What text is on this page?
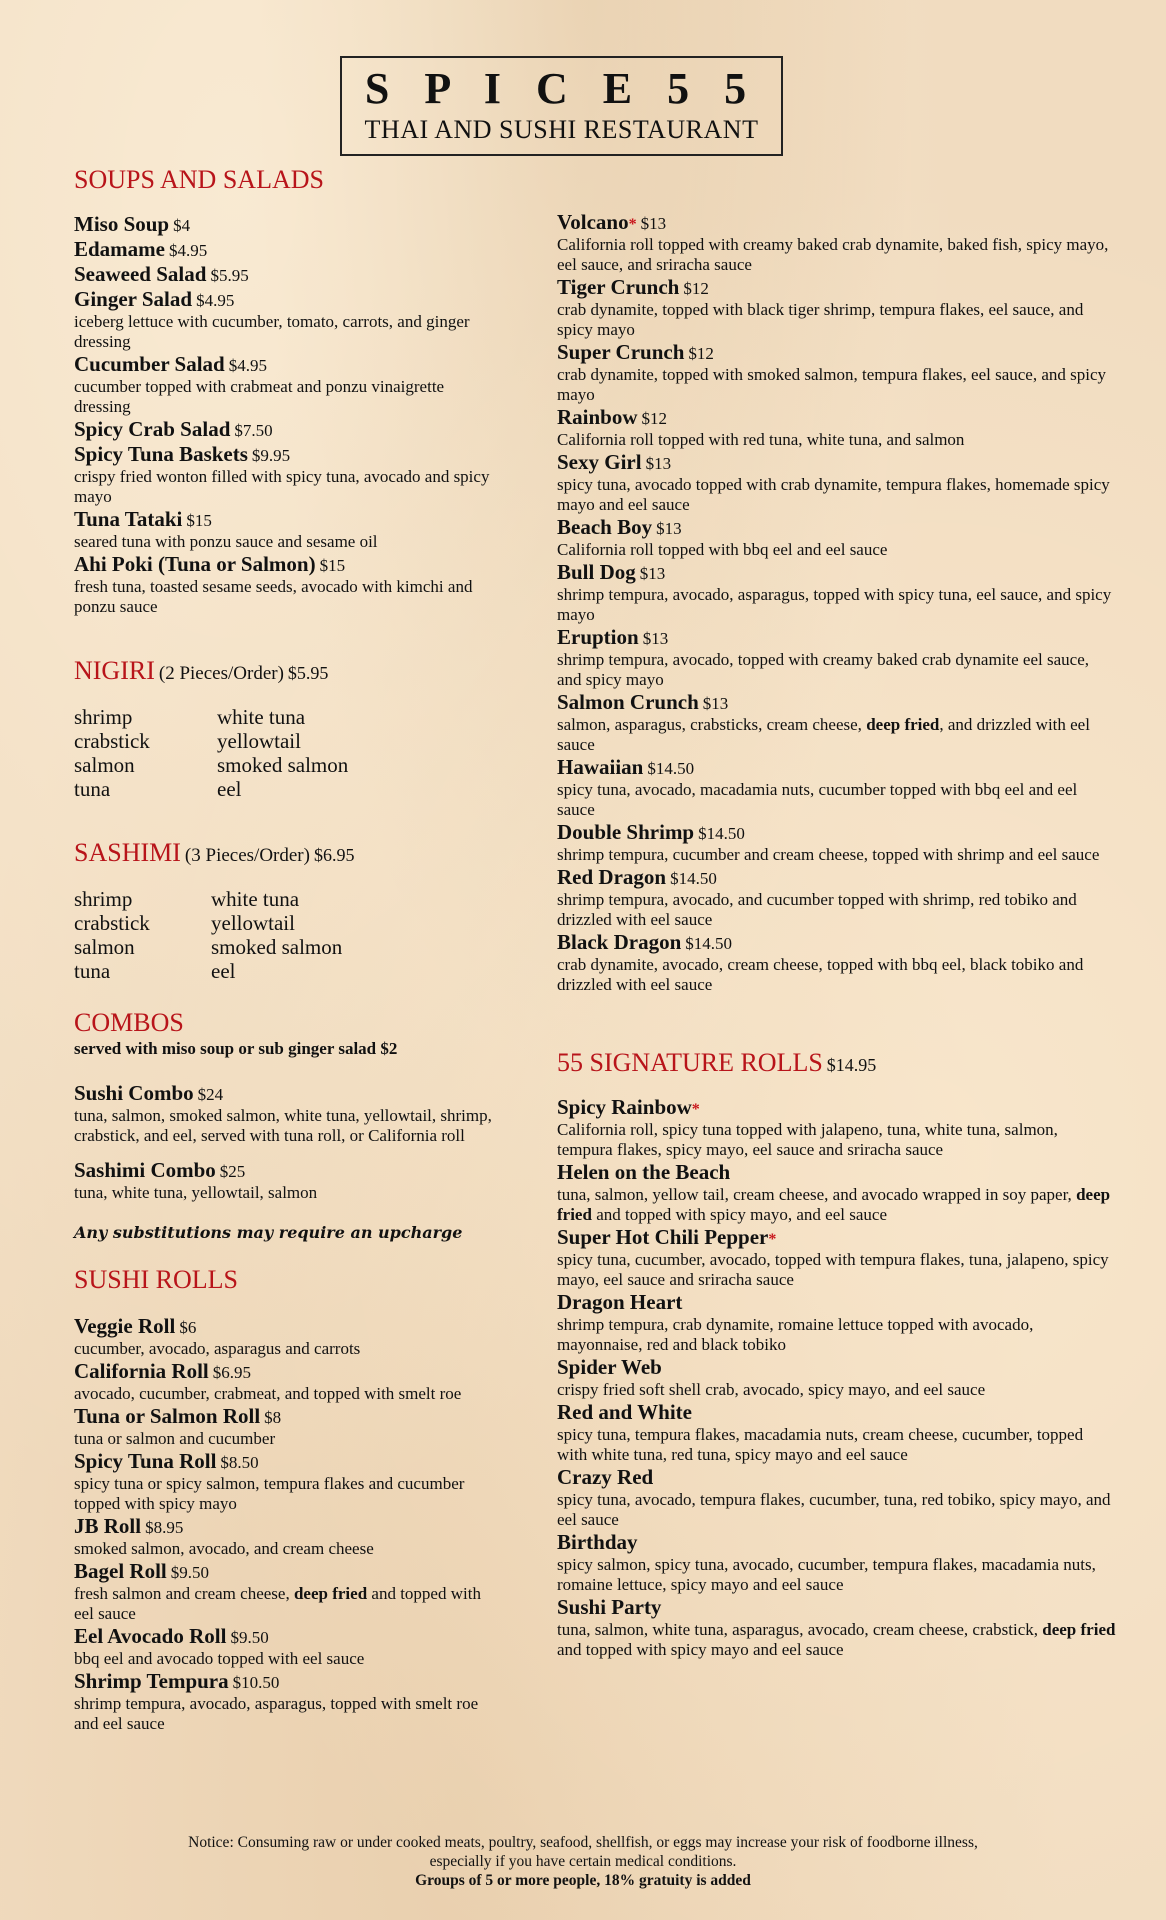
S P I C E 5 5
THAI AND SUSHI RESTAURANT
SOUPS AND SALADS
Miso Soup $4
Edamame $4.95
Seaweed Salad $5.95
Ginger Salad $4.95
iceberg lettuce with cucumber, tomato, carrots, and ginger dressing
Cucumber Salad $4.95
cucumber topped with crabmeat and ponzu vinaigrette dressing
Spicy Crab Salad $7.50
Spicy Tuna Baskets $9.95
crispy fried wonton filled with spicy tuna, avocado and spicy mayo
Tuna Tataki $15
seared tuna with ponzu sauce and sesame oil
Ahi Poki (Tuna or Salmon) $15
fresh tuna, toasted sesame seeds, avocado with kimchi and ponzu sauce
NIGIRI (2 Pieces/Order) $5.95
shrimp	white tuna
crabstick	yellowtail
salmon	smoked salmon
tuna	eel
SASHIMI (3 Pieces/Order) $6.95
shrimp	white tuna
crabstick	yellowtail
salmon	smoked salmon
tuna	eel
COMBOS
served with miso soup or sub ginger salad $2
Sushi Combo $24
tuna, salmon, smoked salmon, white tuna, yellowtail, shrimp, crabstick, and eel, served with tuna roll, or California roll
Sashimi Combo $25
tuna, white tuna, yellowtail, salmon
Any substitutions may require an upcharge
SUSHI ROLLS
Veggie Roll $6
cucumber, avocado, asparagus and carrots
California Roll $6.95
avocado, cucumber, crabmeat, and topped with smelt roe
Tuna or Salmon Roll $8
tuna or salmon and cucumber
Spicy Tuna Roll $8.50
spicy tuna or spicy salmon, tempura flakes and cucumber topped with spicy mayo
JB Roll $8.95
smoked salmon, avocado, and cream cheese
Bagel Roll $9.50
fresh salmon and cream cheese, deep fried and topped with eel sauce
Eel Avocado Roll $9.50
bbq eel and avocado topped with eel sauce
Shrimp Tempura $10.50
shrimp tempura, avocado, asparagus, topped with smelt roe and eel sauce
Volcano* $13
California roll topped with creamy baked crab dynamite, baked fish, spicy mayo, eel sauce, and sriracha sauce
Tiger Crunch $12
crab dynamite, topped with black tiger shrimp, tempura flakes, eel sauce, and spicy mayo
Super Crunch $12
crab dynamite, topped with smoked salmon, tempura flakes, eel sauce, and spicy mayo
Rainbow $12
California roll topped with red tuna, white tuna, and salmon
Sexy Girl $13
spicy tuna, avocado topped with crab dynamite, tempura flakes, homemade spicy mayo and eel sauce
Beach Boy $13
California roll topped with bbq eel and eel sauce
Bull Dog $13
shrimp tempura, avocado, asparagus, topped with spicy tuna, eel sauce, and spicy mayo
Eruption $13
shrimp tempura, avocado, topped with creamy baked crab dynamite eel sauce, and spicy mayo
Salmon Crunch $13
salmon, asparagus, crabsticks, cream cheese, deep fried, and drizzled with eel sauce
Hawaiian $14.50
spicy tuna, avocado, macadamia nuts, cucumber topped with bbq eel and eel sauce
Double Shrimp $14.50
shrimp tempura, cucumber and cream cheese, topped with shrimp and eel sauce
Red Dragon $14.50
shrimp tempura, avocado, and cucumber topped with shrimp, red tobiko and drizzled with eel sauce
Black Dragon $14.50
crab dynamite, avocado, cream cheese, topped with bbq eel, black tobiko and drizzled with eel sauce
55 SIGNATURE ROLLS $14.95
Spicy Rainbow*
California roll, spicy tuna topped with jalapeno, tuna, white tuna, salmon, tempura flakes, spicy mayo, eel sauce and sriracha sauce
Helen on the Beach
tuna, salmon, yellow tail, cream cheese, and avocado wrapped in soy paper, deep fried and topped with spicy mayo, and eel sauce
Super Hot Chili Pepper*
spicy tuna, cucumber, avocado, topped with tempura flakes, tuna, jalapeno, spicy mayo, eel sauce and sriracha sauce
Dragon Heart
shrimp tempura, crab dynamite, romaine lettuce topped with avocado, mayonnaise, red and black tobiko
Spider Web
crispy fried soft shell crab, avocado, spicy mayo, and eel sauce
Red and White
spicy tuna, tempura flakes, macadamia nuts, cream cheese, cucumber, topped with white tuna, red tuna, spicy mayo and eel sauce
Crazy Red
spicy tuna, avocado, tempura flakes, cucumber, tuna, red tobiko, spicy mayo, and eel sauce
Birthday
spicy salmon, spicy tuna, avocado, cucumber, tempura flakes, macadamia nuts, romaine lettuce, spicy mayo and eel sauce
Sushi Party
tuna, salmon, white tuna, asparagus, avocado, cream cheese, crabstick, deep fried and topped with spicy mayo and eel sauce
Notice: Consuming raw or under cooked meats, poultry, seafood, shellfish, or eggs may increase your risk of foodborne illness,
especially if you have certain medical conditions.
Groups of 5 or more people, 18% gratuity is added
